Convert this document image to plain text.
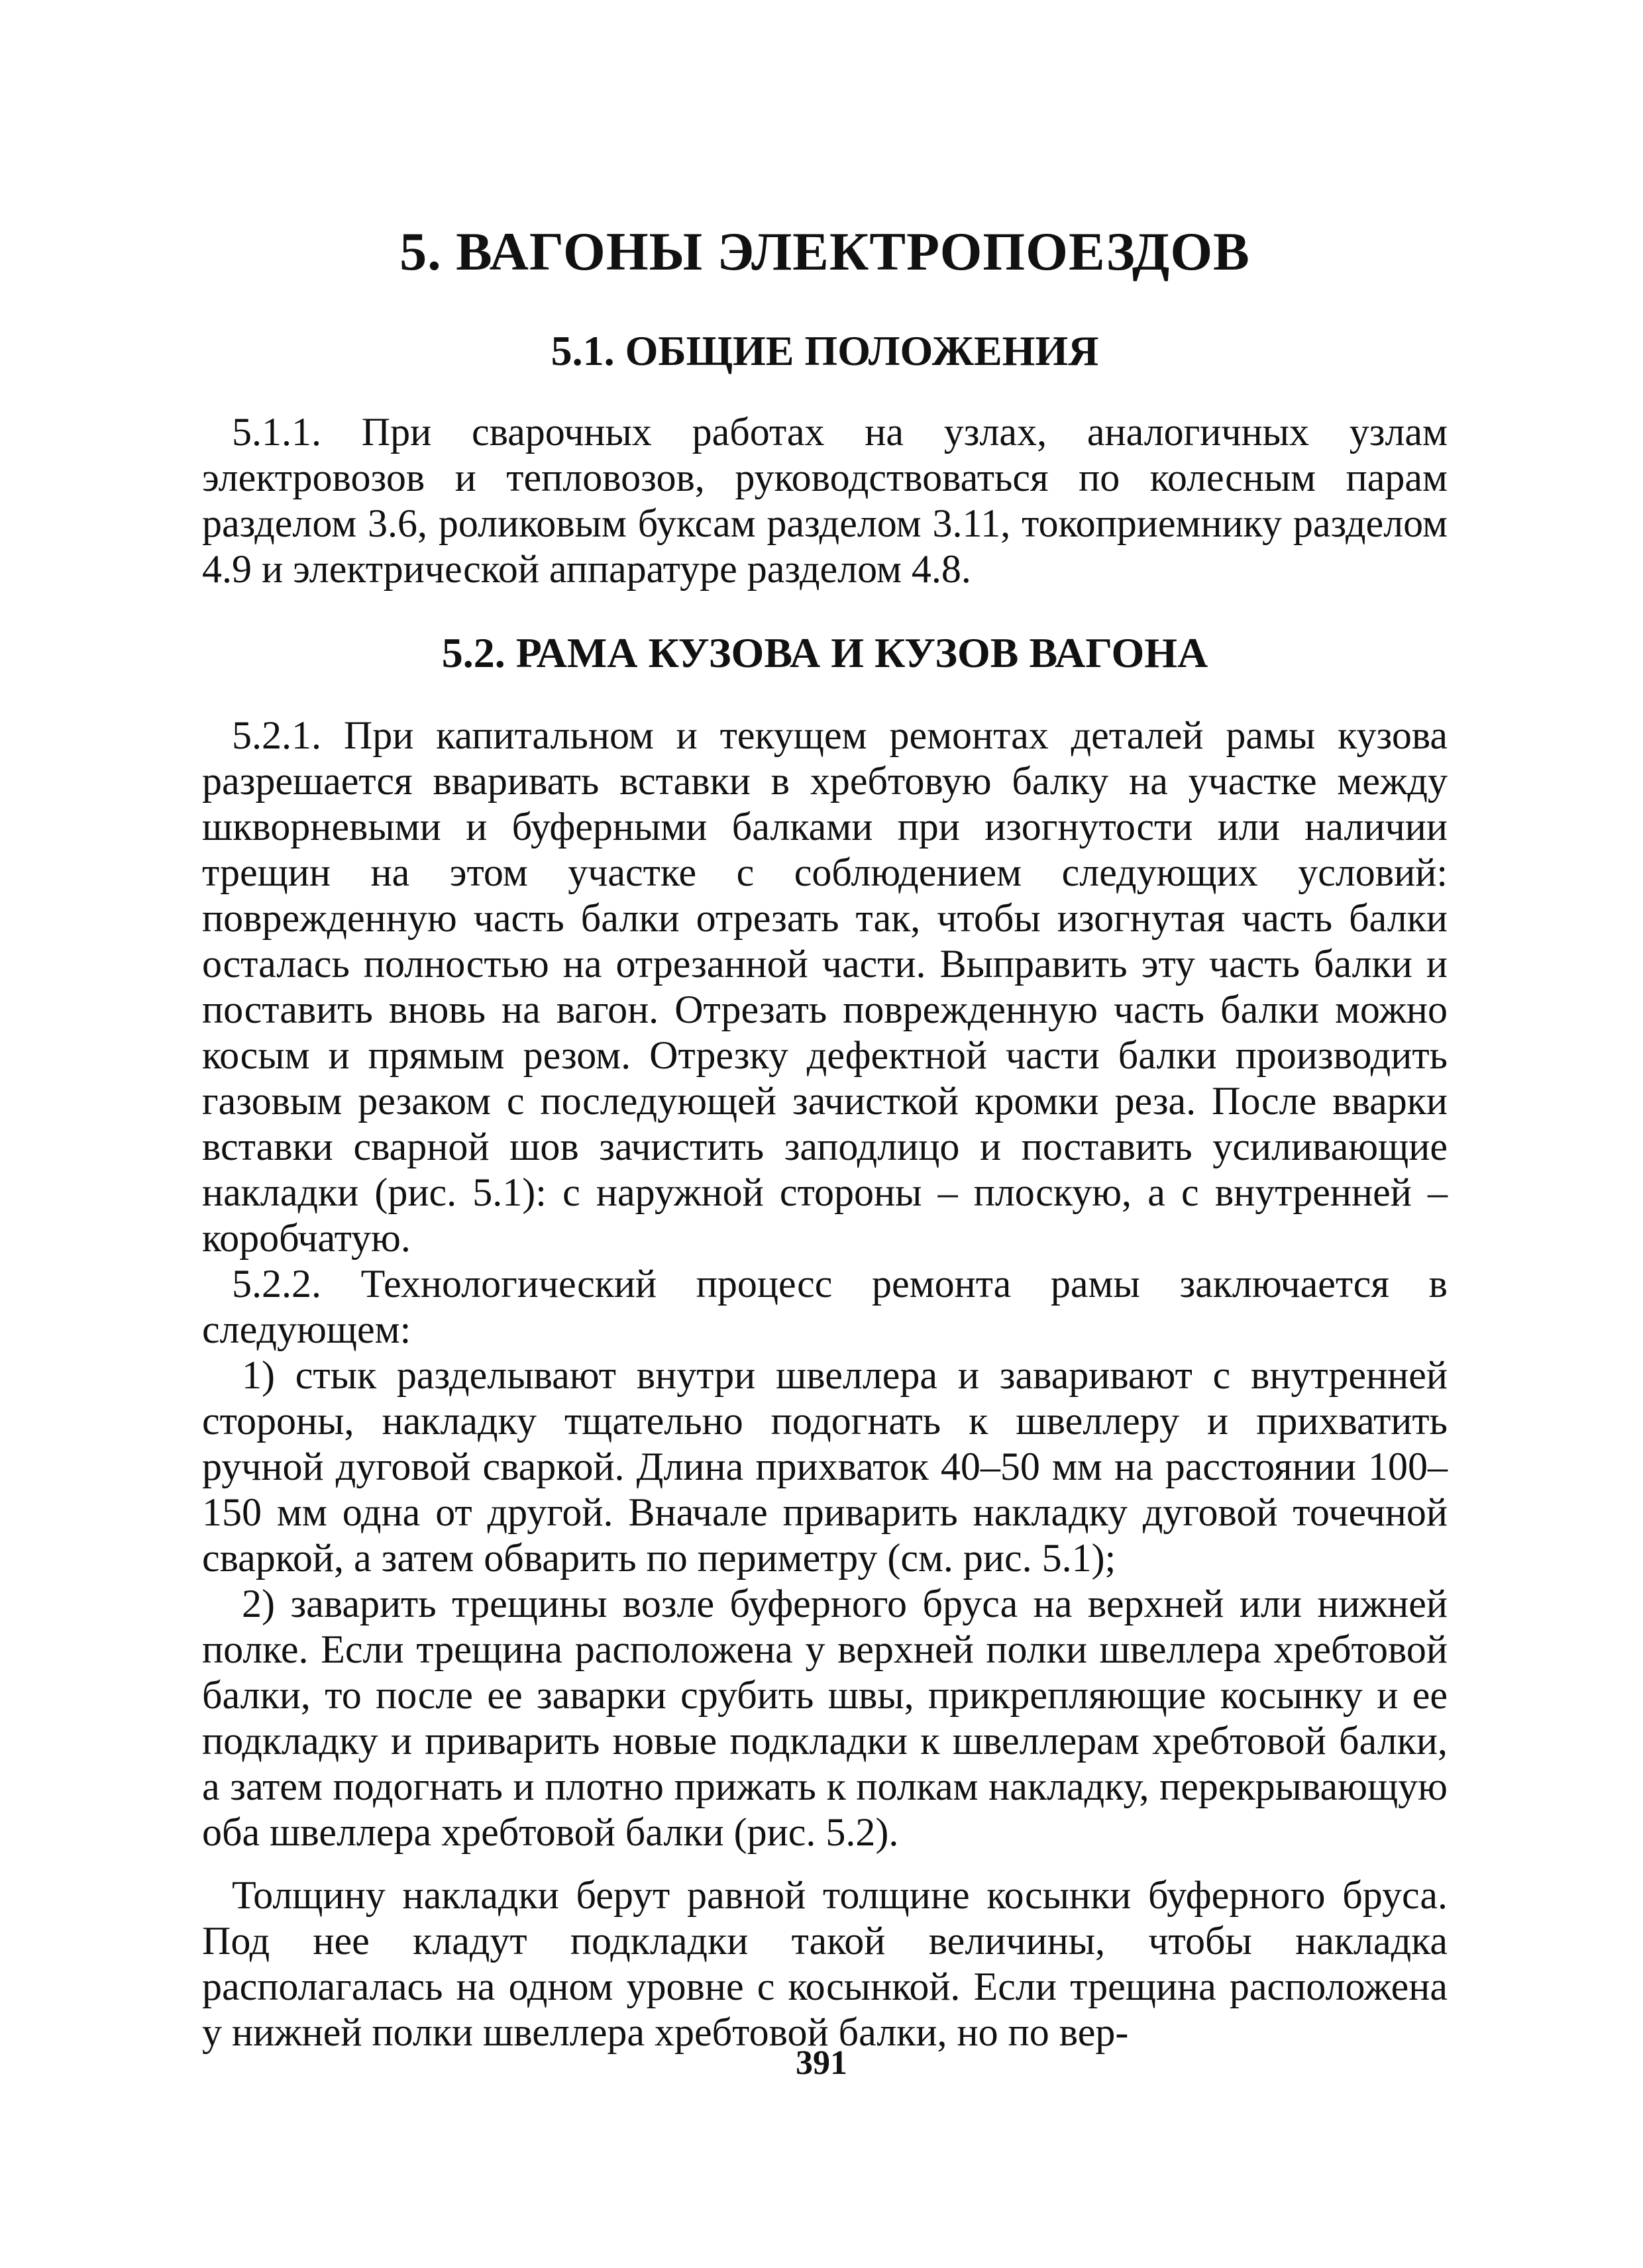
5. ВАГОНЫ ЭЛЕКТРОПОЕЗДОВ
5.1. ОБЩИЕ ПОЛОЖЕНИЯ

5.1.1. При сварочных работах на узлах, аналогичных узлам электровозов и тепловозов, руководствоваться по колесным парам разделом 3.6, роликовым буксам разделом 3.11, токоприемнику разделом 4.9 и электрической аппаратуре разделом 4.8.

5.2. РАМА КУЗОВА И КУЗОВ ВАГОНА

5.2.1. При капитальном и текущем ремонтах деталей рамы кузова разрешается вваривать вставки в хребтовую балку на участке между шкворневыми и буферными балками при изогнутости или наличии трещин на этом участке с соблюдением следующих условий: поврежденную часть балки отрезать так, чтобы изогнутая часть балки осталась полностью на отрезанной части. Выправить эту часть балки и поставить вновь на вагон. Отрезать поврежденную часть балки можно косым и прямым резом. Отрезку дефектной части балки производить газовым резаком с последующей зачисткой кромки реза. После вварки вставки сварной шов зачистить заподлицо и поставить усиливающие накладки (рис. 5.1): с наружной стороны – плоскую, а с внутренней – коробчатую.

5.2.2. Технологический процесс ремонта рамы заключается в следующем:

1) стык разделывают внутри швеллера и заваривают с внутренней стороны, накладку тщательно подогнать к швеллеру и прихватить ручной дуговой сваркой. Длина прихваток 40–50 мм на расстоянии 100–150 мм одна от другой. Вначале приварить накладку дуговой точечной сваркой, а затем обварить по периметру (см. рис. 5.1);

2) заварить трещины возле буферного бруса на верхней или нижней полке. Если трещина расположена у верхней полки швеллера хребтовой балки, то после ее заварки срубить швы, прикрепляющие косынку и ее подкладку и приварить новые подкладки к швеллерам хребтовой балки, а затем подогнать и плотно прижать к полкам накладку, перекрывающую оба швеллера хребтовой балки (рис. 5.2).

Толщину накладки берут равной толщине косынки буферного бруса. Под нее кладут подкладки такой величины, чтобы накладка располагалась на одном уровне с косынкой. Если трещина расположена у нижней полки швеллера хребтовой балки, но по вер-

391
